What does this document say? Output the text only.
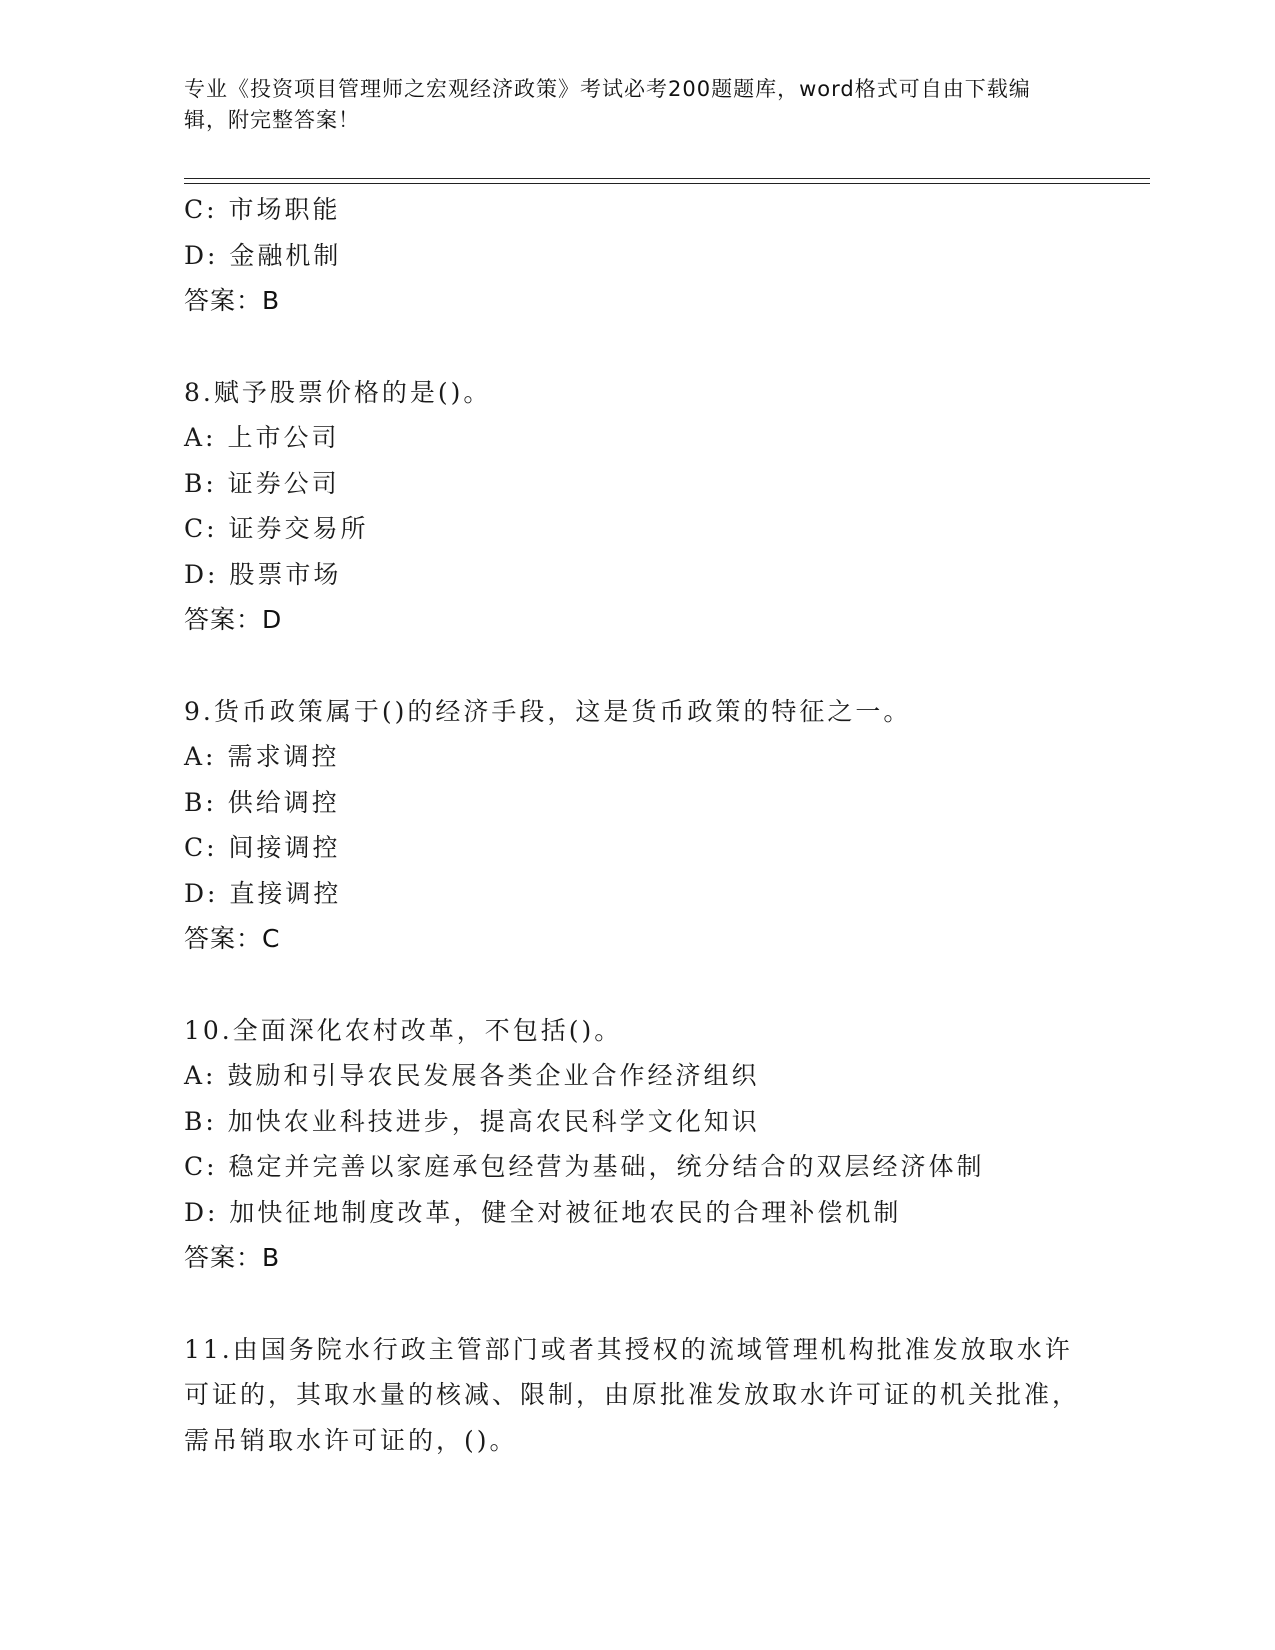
专业《投资项目管理师之宏观经济政策》考试必考200题题库，word格式可自由下载编辑，附完整答案！
C: 市场职能
D: 金融机制
答案：B
8.赋予股票价格的是()。
A: 上市公司
B: 证券公司
C: 证券交易所
D: 股票市场
答案：D
9.货币政策属于()的经济手段，这是货币政策的特征之一。
A: 需求调控
B: 供给调控
C: 间接调控
D: 直接调控
答案：C
10.全面深化农村改革，不包括()。
A: 鼓励和引导农民发展各类企业合作经济组织
B: 加快农业科技进步，提高农民科学文化知识
C: 稳定并完善以家庭承包经营为基础，统分结合的双层经济体制
D: 加快征地制度改革，健全对被征地农民的合理补偿机制
答案：B
11.由国务院水行政主管部门或者其授权的流域管理机构批准发放取水许可证的，其取水量的核减、限制，由原批准发放取水许可证的机关批准，需吊销取水许可证的，()。
